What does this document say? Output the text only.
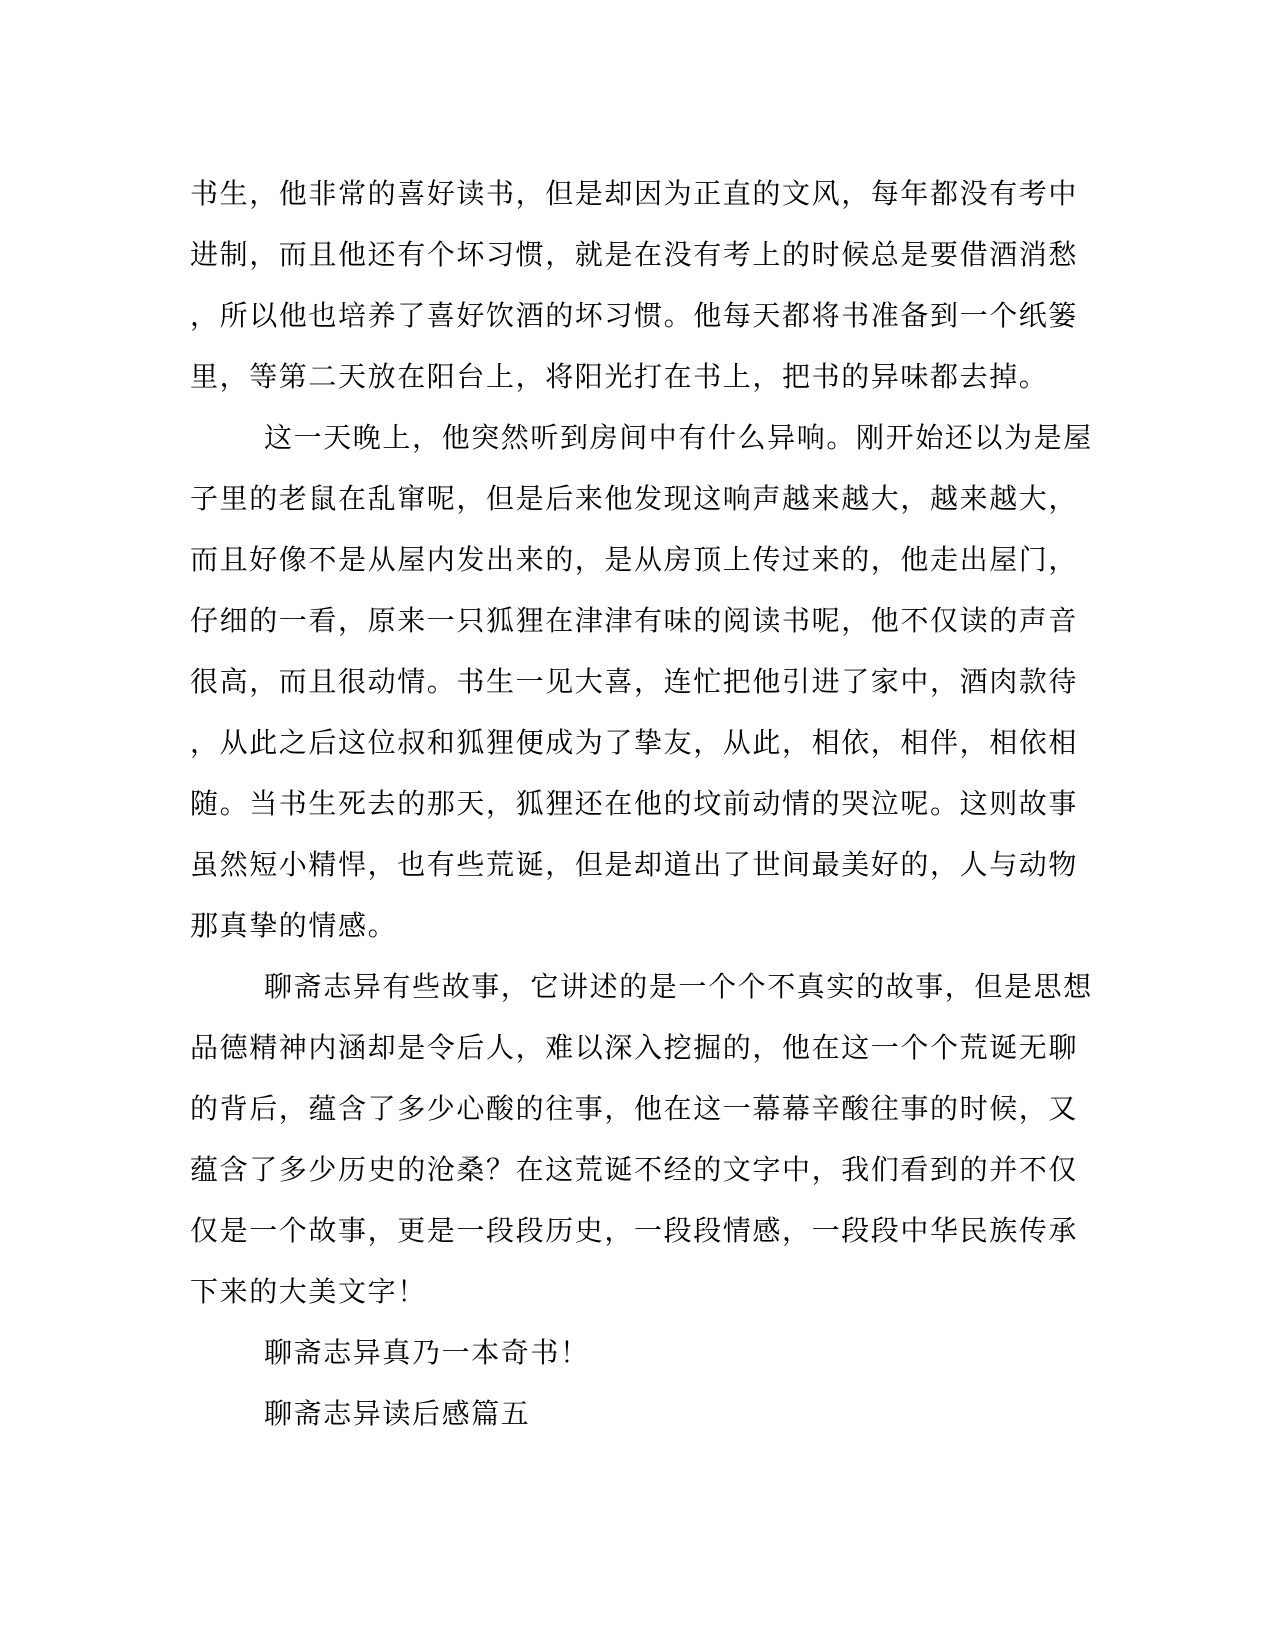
书生，他非常的喜好读书，但是却因为正直的文风，每年都没有考中
进制，而且他还有个坏习惯，就是在没有考上的时候总是要借酒消愁
，所以他也培养了喜好饮酒的坏习惯。他每天都将书准备到一个纸篓
里，等第二天放在阳台上，将阳光打在书上，把书的异味都去掉。
这一天晚上，他突然听到房间中有什么异响。刚开始还以为是屋
子里的老鼠在乱窜呢，但是后来他发现这响声越来越大，越来越大，
而且好像不是从屋内发出来的，是从房顶上传过来的，他走出屋门，
仔细的一看，原来一只狐狸在津津有味的阅读书呢，他不仅读的声音
很高，而且很动情。书生一见大喜，连忙把他引进了家中，酒肉款待
，从此之后这位叔和狐狸便成为了挚友，从此，相依，相伴，相依相
随。当书生死去的那天，狐狸还在他的坟前动情的哭泣呢。这则故事
虽然短小精悍，也有些荒诞，但是却道出了世间最美好的，人与动物
那真挚的情感。
聊斋志异有些故事，它讲述的是一个个不真实的故事，但是思想
品德精神内涵却是令后人，难以深入挖掘的，他在这一个个荒诞无聊
的背后，蕴含了多少心酸的往事，他在这一幕幕辛酸往事的时候，又
蕴含了多少历史的沧桑？在这荒诞不经的文字中，我们看到的并不仅
仅是一个故事，更是一段段历史，一段段情感，一段段中华民族传承
下来的大美文字！
聊斋志异真乃一本奇书！
聊斋志异读后感篇五
